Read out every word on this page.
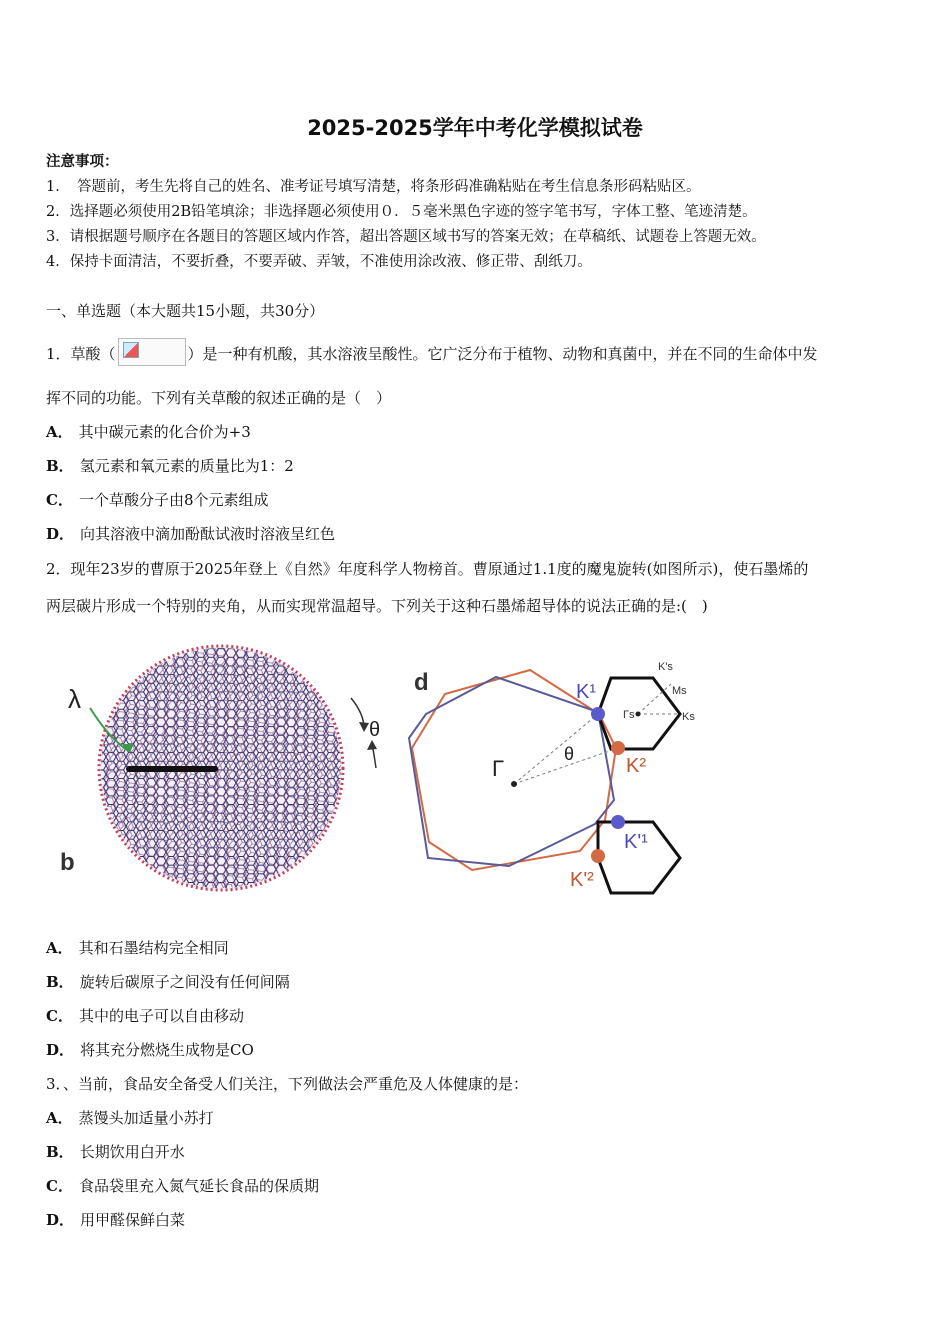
2025-2025学年中考化学模拟试卷
注意事项：
1．　答题前，考生先将自己的姓名、准考证号填写清楚，将条形码准确粘贴在考生信息条形码粘贴区。
2．选择题必须使用2B铅笔填涂；非选择题必须使用０．５毫米黑色字迹的签字笔书写，字体工整、笔迹清楚。
3．请根据题号顺序在各题目的答题区域内作答，超出答题区域书写的答案无效；在草稿纸、试题卷上答题无效。
4．保持卡面清洁，不要折叠，不要弄破、弄皱，不准使用涂改液、修正带、刮纸刀。
一、单选题（本大题共15小题，共30分）
1．草酸（	）是一种有机酸，其水溶液呈酸性。它广泛分布于植物、动物和真菌中，并在不同的生命体中发
挥不同的功能。下列有关草酸的叙述正确的是（　）
A． 其中碳元素的化合价为+3
B． 氢元素和氧元素的质量比为1：2
C． 一个草酸分子由8个元素组成
D． 向其溶液中滴加酚酞试液时溶液呈红色
2．现年23岁的曹原于2025年登上《自然》年度科学人物榜首。曹原通过1.1度的魔鬼旋转(如图所示)，使石墨烯的
两层碳片形成一个特别的夹角，从而实现常温超导。下列关于这种石墨烯超导体的说法正确的是:(　)
λ
θ
b
d
Γ
θ
K¹
K²
K'¹
K'²
K's
Ms
Γs	Ks
A． 其和石墨结构完全相同
B． 旋转后碳原子之间没有任何间隔
C． 其中的电子可以自由移动
D． 将其充分燃烧生成物是CO
3．、当前，食品安全备受人们关注，下列做法会严重危及人体健康的是：
A． 蒸馒头加适量小苏打
B． 长期饮用白开水
C． 食品袋里充入氮气延长食品的保质期
D． 用甲醛保鲜白菜
